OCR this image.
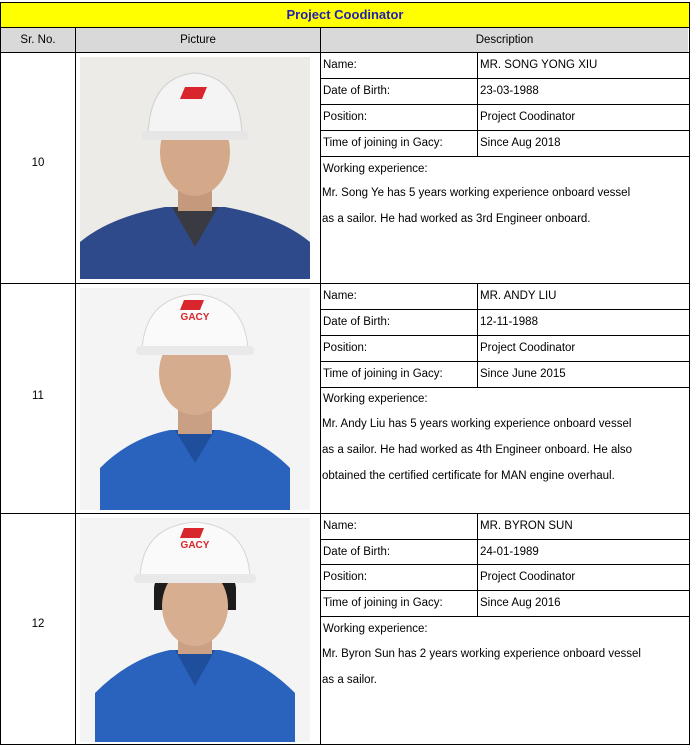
Project Coodinator
Sr. No.	Picture	Description
10
Name:	MR. SONG YONG XIU
Date of Birth:	23-03-1988
Position:	Project Coodinator
Time of joining in Gacy:	Since Aug 2018
Working experience:
Mr. Song Ye has 5 years working experience onboard vessel
as a sailor. He had worked as 3rd Engineer onboard.
11
GACY
Name:	MR. ANDY LIU
Date of Birth:	12-11-1988
Position:	Project Coodinator
Time of joining in Gacy:	Since June 2015
Working experience:
Mr. Andy Liu has 5 years working experience onboard vessel
as a sailor. He had worked as 4th Engineer onboard. He also
obtained the certified certificate for MAN engine overhaul.
12
GACY
Name:	MR. BYRON SUN
Date of Birth:	24-01-1989
Position:	Project Coodinator
Time of joining in Gacy:	Since Aug 2016
Working experience:
Mr. Byron Sun has 2 years working experience onboard vessel
as a sailor.
